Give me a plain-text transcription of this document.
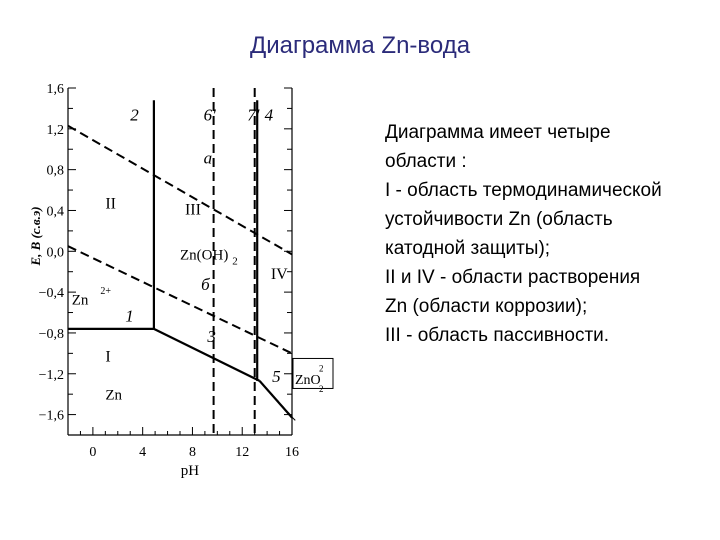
Диаграмма Zn-вода
1,6
1,2
0,8
0,4
0,0
−0,4
−0,8
−1,2
−1,6
0	4	8	12	16
pH
E, B (с.в.э)
2	6' 7' 4
а
б
1
3
5
II	III
I
IV
Zn
Zn(OH) 2
Zn
2+
ZnO
2
2
Диаграмма имеет четыре
области :
I - область термодинамической
устойчивости Zn (область
катодной защиты);
II и IV - области растворения
Zn (области коррозии);
III - область пассивности.
